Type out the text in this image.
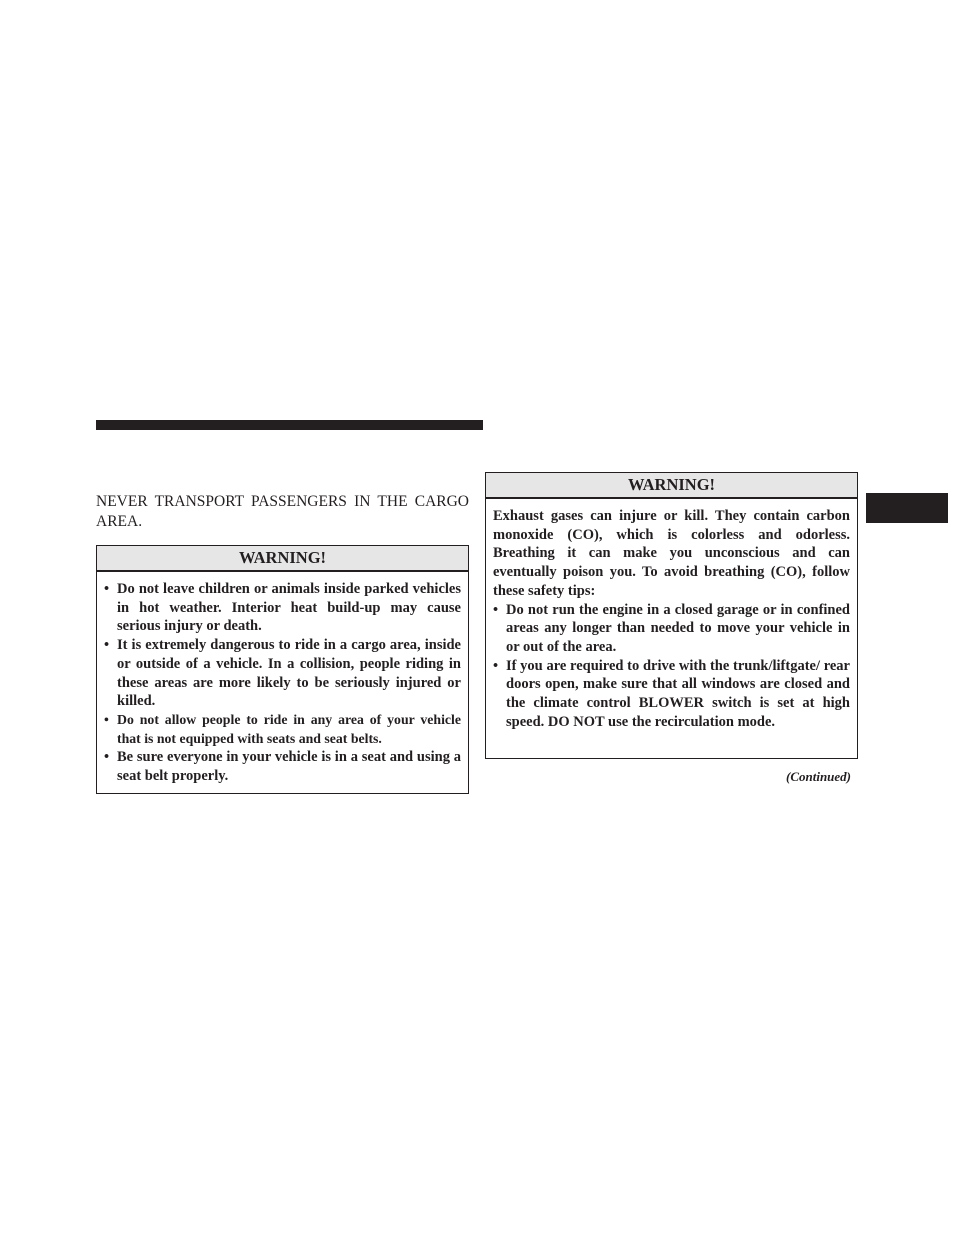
NEVER TRANSPORT PASSENGERS IN THE CARGO AREA.

WARNING!
• Do not leave children or animals inside parked vehicles in hot weather. Interior heat build-up may cause serious injury or death.
• It is extremely dangerous to ride in a cargo area, inside or outside of a vehicle. In a collision, people riding in these areas are more likely to be seriously injured or killed.
• Do not allow people to ride in any area of your vehicle that is not equipped with seats and seat belts.
• Be sure everyone in your vehicle is in a seat and using a seat belt properly.
WARNING!

Exhaust gases can injure or kill. They contain carbon monoxide (CO), which is colorless and odorless. Breathing it can make you unconscious and can eventually poison you. To avoid breathing (CO), follow these safety tips:

• Do not run the engine in a closed garage or in confined areas any longer than needed to move your vehicle in or out of the area.
• If you are required to drive with the trunk/liftgate/ rear doors open, make sure that all windows are closed and the climate control BLOWER switch is set at high speed. DO NOT use the recirculation mode.
(Continued)
